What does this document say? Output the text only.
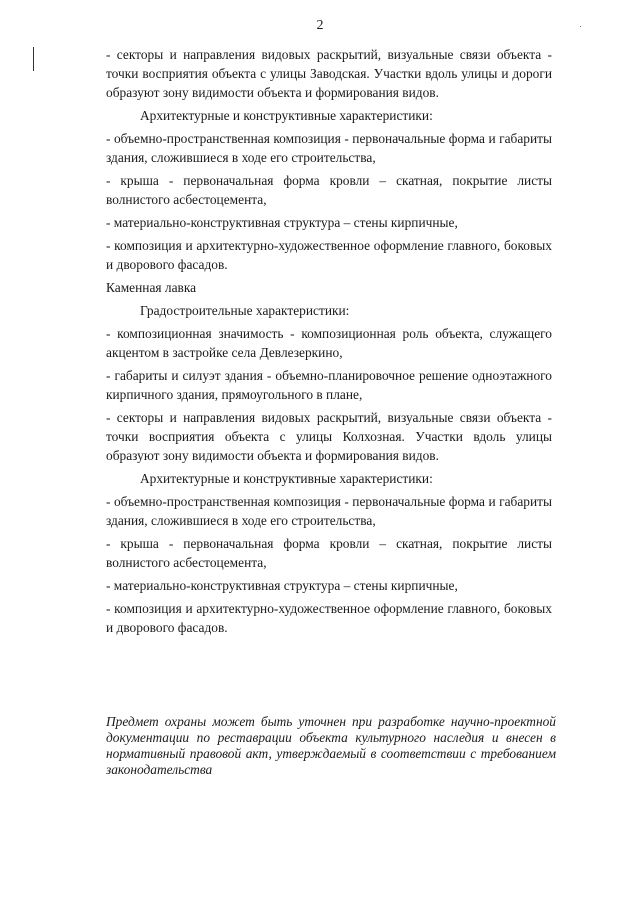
2

- секторы и направления видовых раскрытий, визуальные связи объекта - точки восприятия объекта с улицы Заводская. Участки вдоль улицы и дороги образуют зону видимости объекта и формирования видов.

Архитектурные и конструктивные характеристики:

- объемно-пространственная композиция - первоначальные форма и габариты здания, сложившиеся в ходе его строительства,

- крыша - первоначальная форма кровли – скатная, покрытие листы волнистого асбестоцемента,

- материально-конструктивная структура – стены кирпичные,

- композиция и архитектурно-художественное оформление главного, боковых и дворового фасадов.

Каменная лавка

Градостроительные характеристики:

- композиционная значимость - композиционная роль объекта, служащего акцентом в застройке села Девлезеркино,

- габариты и силуэт здания - объемно-планировочное решение одноэтажного кирпичного здания, прямоугольного в плане,

- секторы и направления видовых раскрытий, визуальные связи объекта - точки восприятия объекта с улицы Колхозная. Участки вдоль улицы образуют зону видимости объекта и формирования видов.

Архитектурные и конструктивные характеристики:

- объемно-пространственная композиция - первоначальные форма и габариты здания, сложившиеся в ходе его строительства,

- крыша - первоначальная форма кровли – скатная, покрытие листы волнистого асбестоцемента,

- материально-конструктивная структура – стены кирпичные,

- композиция и архитектурно-художественное оформление главного, боковых и дворового фасадов.

Предмет охраны может быть уточнен при разработке научно-проектной документации по реставрации объекта культурного наследия и внесен в нормативный правовой акт, утверждаемый в соответствии с требованием законодательства
